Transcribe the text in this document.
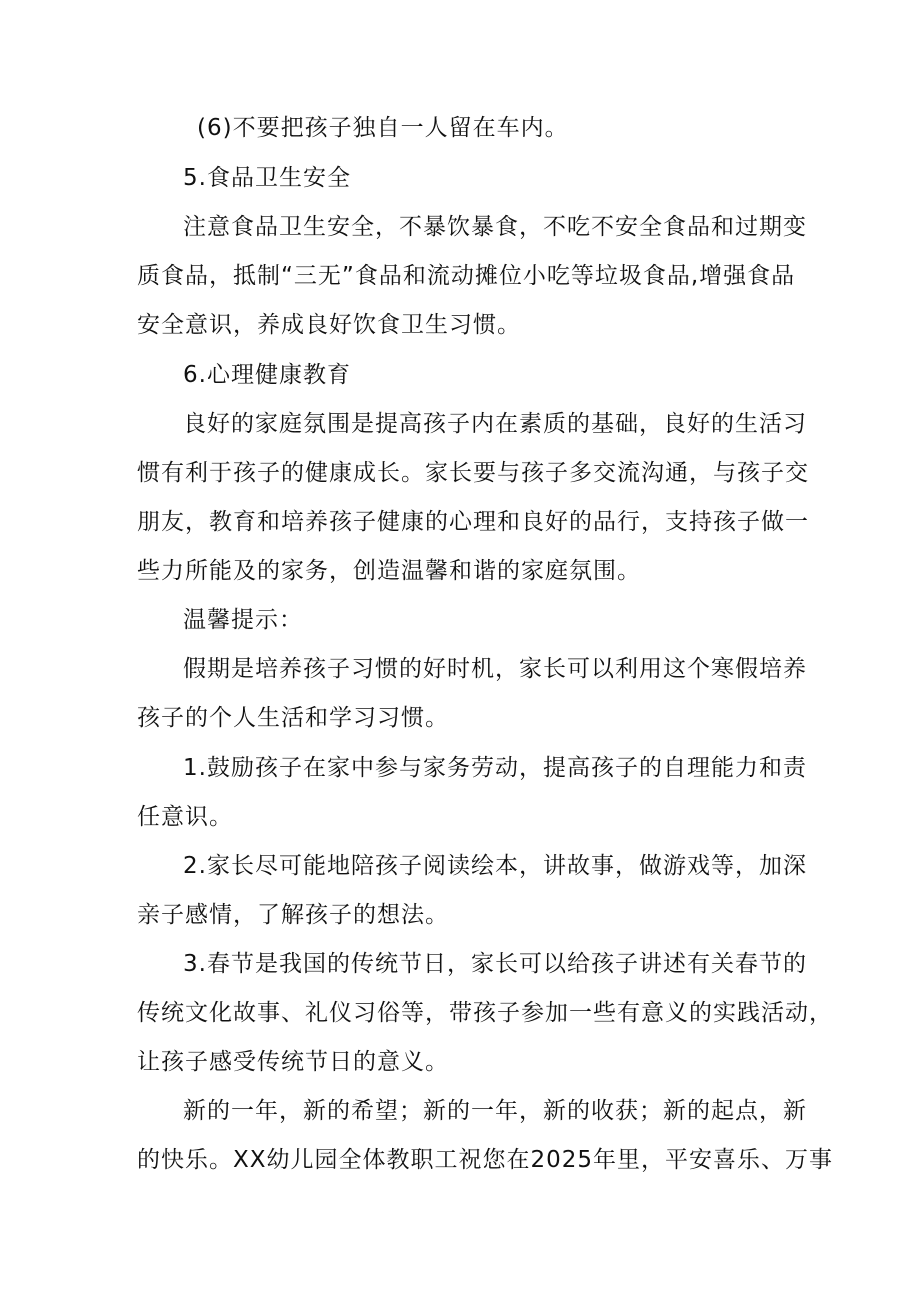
(6)不要把孩子独自一人留在车内。
5.食品卫生安全
注意食品卫生安全，不暴饮暴食，不吃不安全食品和过期变
质食品，抵制“三无”食品和流动摊位小吃等垃圾食品,增强食品
安全意识，养成良好饮食卫生习惯。
6.心理健康教育
良好的家庭氛围是提高孩子内在素质的基础，良好的生活习
惯有利于孩子的健康成长。家长要与孩子多交流沟通，与孩子交
朋友，教育和培养孩子健康的心理和良好的品行，支持孩子做一
些力所能及的家务，创造温馨和谐的家庭氛围。
温馨提示：
假期是培养孩子习惯的好时机，家长可以利用这个寒假培养
孩子的个人生活和学习习惯。
1.鼓励孩子在家中参与家务劳动，提高孩子的自理能力和责
任意识。
2.家长尽可能地陪孩子阅读绘本，讲故事，做游戏等，加深
亲子感情，了解孩子的想法。
3.春节是我国的传统节日，家长可以给孩子讲述有关春节的
传统文化故事、礼仪习俗等，带孩子参加一些有意义的实践活动，
让孩子感受传统节日的意义。
新的一年，新的希望；新的一年，新的收获；新的起点，新
的快乐。XX幼儿园全体教职工祝您在2025年里，平安喜乐、万事
